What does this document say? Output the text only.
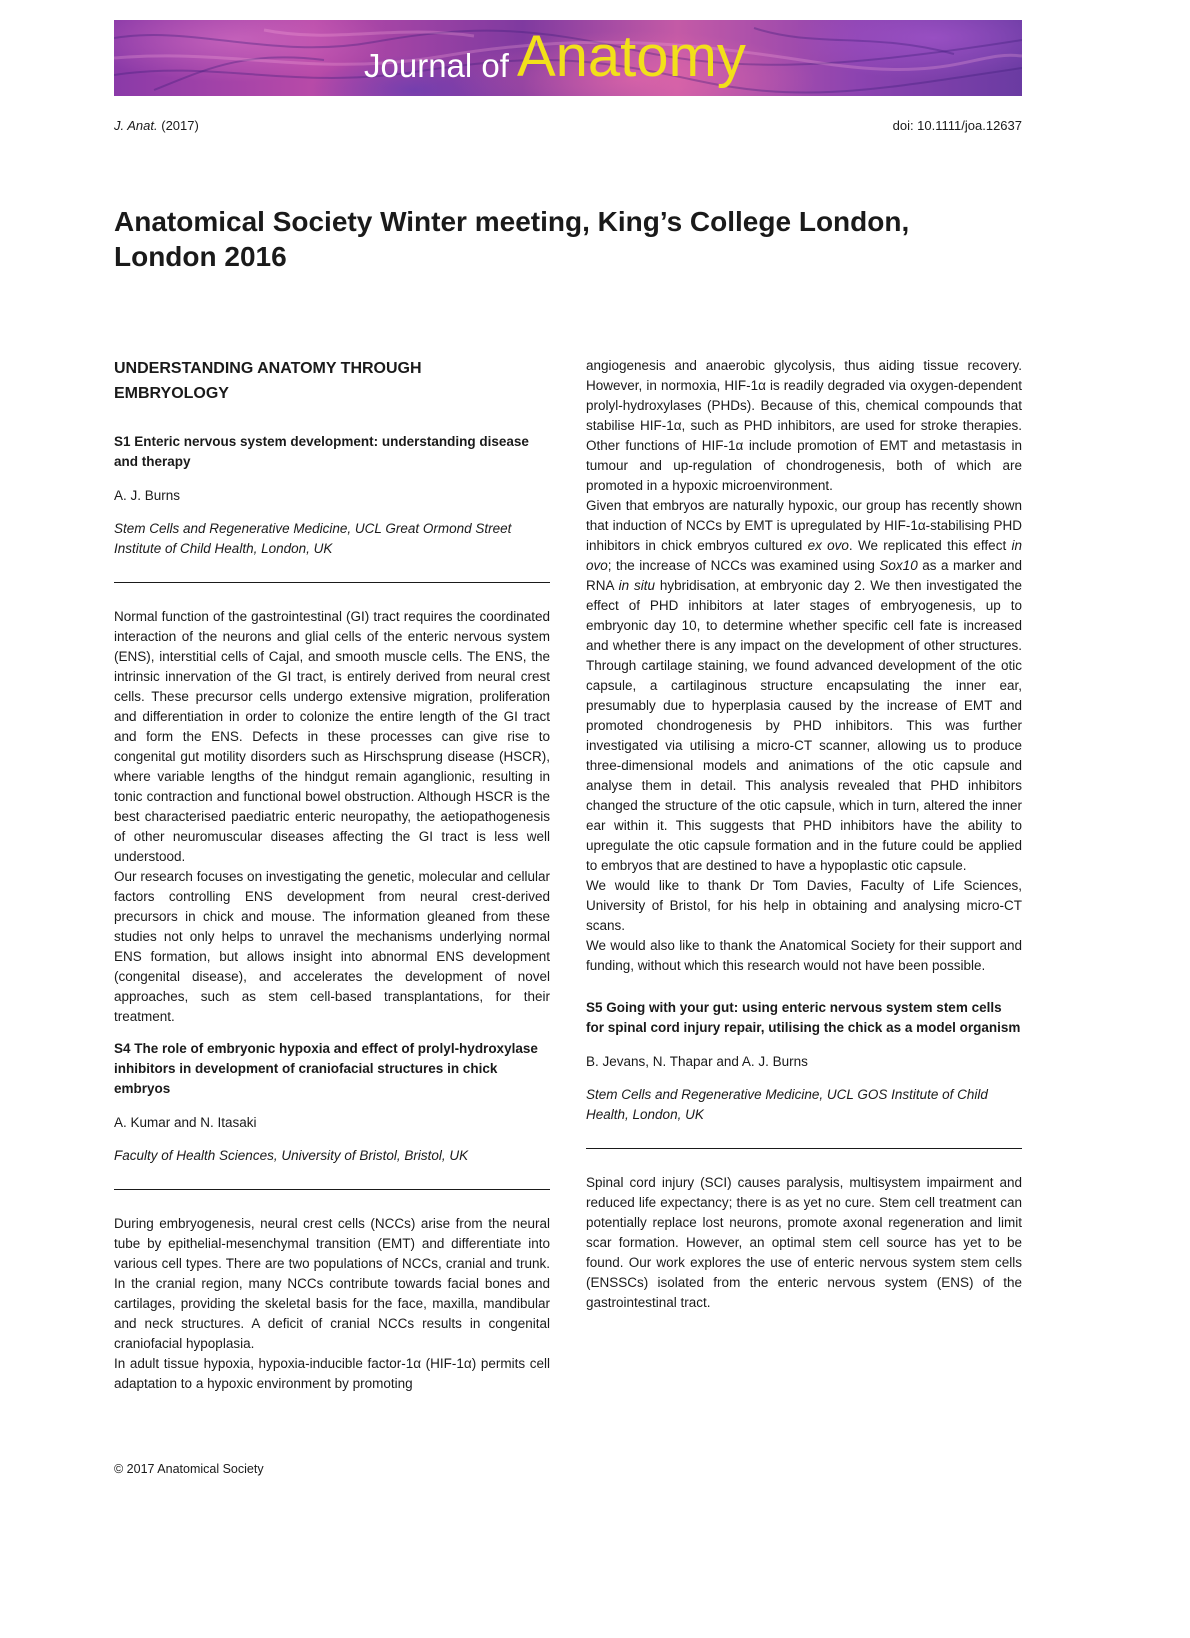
Journal of Anatomy
J. Anat. (2017)	doi: 10.1111/joa.12637
Anatomical Society Winter meeting, King’s College London, London 2016
UNDERSTANDING ANATOMY THROUGH EMBRYOLOGY
S1 Enteric nervous system development: understanding disease and therapy
A. J. Burns
Stem Cells and Regenerative Medicine, UCL Great Ormond Street Institute of Child Health, London, UK

Normal function of the gastrointestinal (GI) tract requires the coordinated interaction of the neurons and glial cells of the enteric nervous system (ENS), interstitial cells of Cajal, and smooth muscle cells. The ENS, the intrinsic innervation of the GI tract, is entirely derived from neural crest cells. These precursor cells undergo extensive migration, proliferation and differentiation in order to colonize the entire length of the GI tract and form the ENS. Defects in these processes can give rise to congenital gut motility disorders such as Hirschsprung disease (HSCR), where variable lengths of the hindgut remain aganglionic, resulting in tonic contraction and functional bowel obstruction. Although HSCR is the best characterised paediatric enteric neuropathy, the aetiopathogenesis of other neuromuscular diseases affecting the GI tract is less well understood.

Our research focuses on investigating the genetic, molecular and cellular factors controlling ENS development from neural crest-derived precursors in chick and mouse. The information gleaned from these studies not only helps to unravel the mechanisms underlying normal ENS formation, but allows insight into abnormal ENS development (congenital disease), and accelerates the development of novel approaches, such as stem cell-based transplantations, for their treatment.

S4 The role of embryonic hypoxia and effect of prolyl-hydroxylase inhibitors in development of craniofacial structures in chick embryos
A. Kumar and N. Itasaki
Faculty of Health Sciences, University of Bristol, Bristol, UK

During embryogenesis, neural crest cells (NCCs) arise from the neural tube by epithelial-mesenchymal transition (EMT) and differentiate into various cell types. There are two populations of NCCs, cranial and trunk. In the cranial region, many NCCs contribute towards facial bones and cartilages, providing the skeletal basis for the face, maxilla, mandibular and neck structures. A deficit of cranial NCCs results in congenital craniofacial hypoplasia.

In adult tissue hypoxia, hypoxia-inducible factor-1α (HIF-1α) permits cell adaptation to a hypoxic environment by promoting

angiogenesis and anaerobic glycolysis, thus aiding tissue recovery. However, in normoxia, HIF-1α is readily degraded via oxygen-dependent prolyl-hydroxylases (PHDs). Because of this, chemical compounds that stabilise HIF-1α, such as PHD inhibitors, are used for stroke therapies. Other functions of HIF-1α include promotion of EMT and metastasis in tumour and up-regulation of chondrogenesis, both of which are promoted in a hypoxic microenvironment.

Given that embryos are naturally hypoxic, our group has recently shown that induction of NCCs by EMT is upregulated by HIF-1α-stabilising PHD inhibitors in chick embryos cultured ex ovo. We replicated this effect in ovo; the increase of NCCs was examined using Sox10 as a marker and RNA in situ hybridisation, at embryonic day 2. We then investigated the effect of PHD inhibitors at later stages of embryogenesis, up to embryonic day 10, to determine whether specific cell fate is increased and whether there is any impact on the development of other structures. Through cartilage staining, we found advanced development of the otic capsule, a cartilaginous structure encapsulating the inner ear, presumably due to hyperplasia caused by the increase of EMT and promoted chondrogenesis by PHD inhibitors. This was further investigated via utilising a micro-CT scanner, allowing us to produce three-dimensional models and animations of the otic capsule and analyse them in detail. This analysis revealed that PHD inhibitors changed the structure of the otic capsule, which in turn, altered the inner ear within it. This suggests that PHD inhibitors have the ability to upregulate the otic capsule formation and in the future could be applied to embryos that are destined to have a hypoplastic otic capsule.

We would like to thank Dr Tom Davies, Faculty of Life Sciences, University of Bristol, for his help in obtaining and analysing micro-CT scans.

We would also like to thank the Anatomical Society for their support and funding, without which this research would not have been possible.

S5 Going with your gut: using enteric nervous system stem cells for spinal cord injury repair, utilising the chick as a model organism
B. Jevans, N. Thapar and A. J. Burns
Stem Cells and Regenerative Medicine, UCL GOS Institute of Child Health, London, UK

Spinal cord injury (SCI) causes paralysis, multisystem impairment and reduced life expectancy; there is as yet no cure. Stem cell treatment can potentially replace lost neurons, promote axonal regeneration and limit scar formation. However, an optimal stem cell source has yet to be found. Our work explores the use of enteric nervous system stem cells (ENSSCs) isolated from the enteric nervous system (ENS) of the gastrointestinal tract.

© 2017 Anatomical Society
